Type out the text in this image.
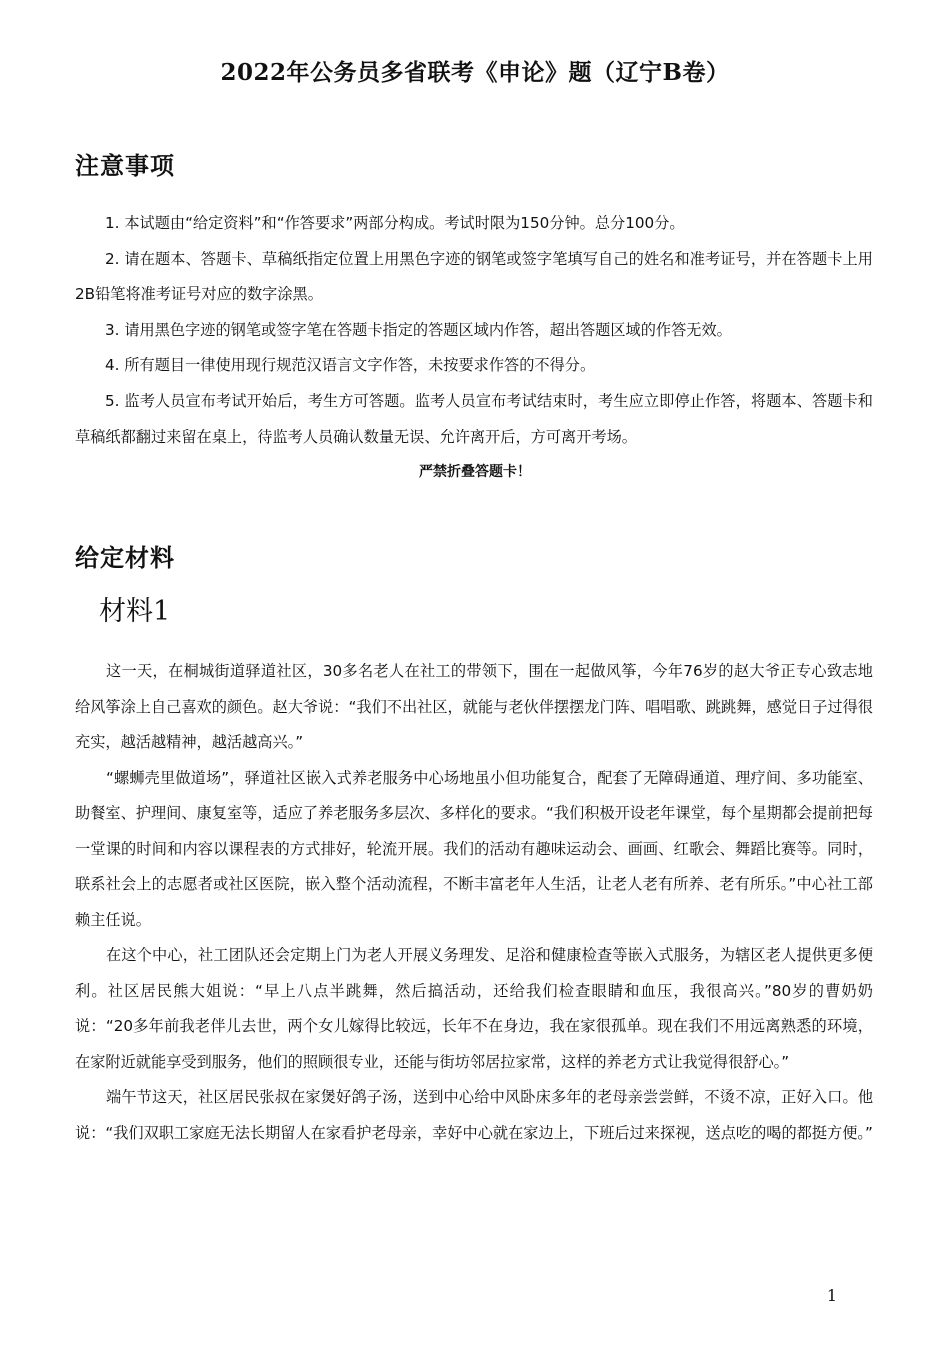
2022年公务员多省联考《申论》题（辽宁B卷）
注意事项

1. 本试题由“给定资料”和“作答要求”两部分构成。考试时限为150分钟。总分100分。

2. 请在题本、答题卡、草稿纸指定位置上用黑色字迹的钢笔或签字笔填写自己的姓名和准考证号，并在答题卡上用2B铅笔将准考证号对应的数字涂黑。

3. 请用黑色字迹的钢笔或签字笔在答题卡指定的答题区域内作答，超出答题区域的作答无效。

4. 所有题目一律使用现行规范汉语言文字作答，未按要求作答的不得分。

5. 监考人员宣布考试开始后，考生方可答题。监考人员宣布考试结束时，考生应立即停止作答，将题本、答题卡和草稿纸都翻过来留在桌上，待监考人员确认数量无误、允许离开后，方可离开考场。

严禁折叠答题卡！
给定材料
材料1

这一天，在桐城街道驿道社区，30多名老人在社工的带领下，围在一起做风筝，今年76岁的赵大爷正专心致志地给风筝涂上自己喜欢的颜色。赵大爷说：“我们不出社区，就能与老伙伴摆摆龙门阵、唱唱歌、跳跳舞，感觉日子过得很充实，越活越精神，越活越高兴。”

“螺蛳壳里做道场”，驿道社区嵌入式养老服务中心场地虽小但功能复合，配套了无障碍通道、理疗间、多功能室、助餐室、护理间、康复室等，适应了养老服务多层次、多样化的要求。“我们积极开设老年课堂，每个星期都会提前把每一堂课的时间和内容以课程表的方式排好，轮流开展。我们的活动有趣味运动会、画画、红歌会、舞蹈比赛等。同时，联系社会上的志愿者或社区医院，嵌入整个活动流程，不断丰富老年人生活，让老人老有所养、老有所乐。”中心社工部赖主任说。

在这个中心，社工团队还会定期上门为老人开展义务理发、足浴和健康检查等嵌入式服务，为辖区老人提供更多便利。社区居民熊大姐说：“早上八点半跳舞，然后搞活动，还给我们检查眼睛和血压，我很高兴。”80岁的曹奶奶说：“20多年前我老伴儿去世，两个女儿嫁得比较远，长年不在身边，我在家很孤单。现在我们不用远离熟悉的环境，在家附近就能享受到服务，他们的照顾很专业，还能与街坊邻居拉家常，这样的养老方式让我觉得很舒心。”

端午节这天，社区居民张叔在家煲好鸽子汤，送到中心给中风卧床多年的老母亲尝尝鲜，不烫不凉，正好入口。他说：“我们双职工家庭无法长期留人在家看护老母亲，幸好中心就在家边上，下班后过来探视，送点吃的喝的都挺方便。”

1
